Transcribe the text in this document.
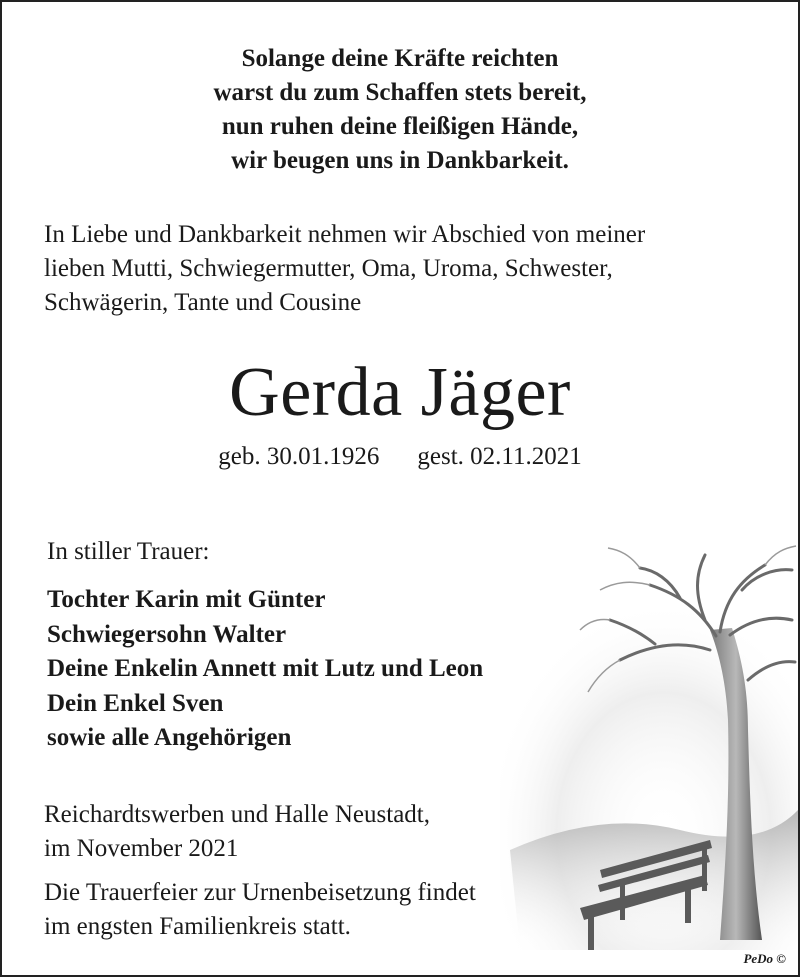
Solange deine Kräfte reichten
warst du zum Schaffen stets bereit,
nun ruhen deine fleißigen Hände,
wir beugen uns in Dankbarkeit.
In Liebe und Dankbarkeit nehmen wir Abschied von meiner
lieben Mutti, Schwiegermutter, Oma, Uroma, Schwester,
Schwägerin, Tante und Cousine
Gerda Jäger
geb. 30.01.1926 gest. 02.11.2021
In stiller Trauer:
Tochter Karin mit Günter
Schwiegersohn Walter
Deine Enkelin Annett mit Lutz und Leon
Dein Enkel Sven
sowie alle Angehörigen
Reichardtswerben und Halle Neustadt,
im November 2021
Die Trauerfeier zur Urnenbeisetzung findet
im engsten Familienkreis statt.
PeDo ©
